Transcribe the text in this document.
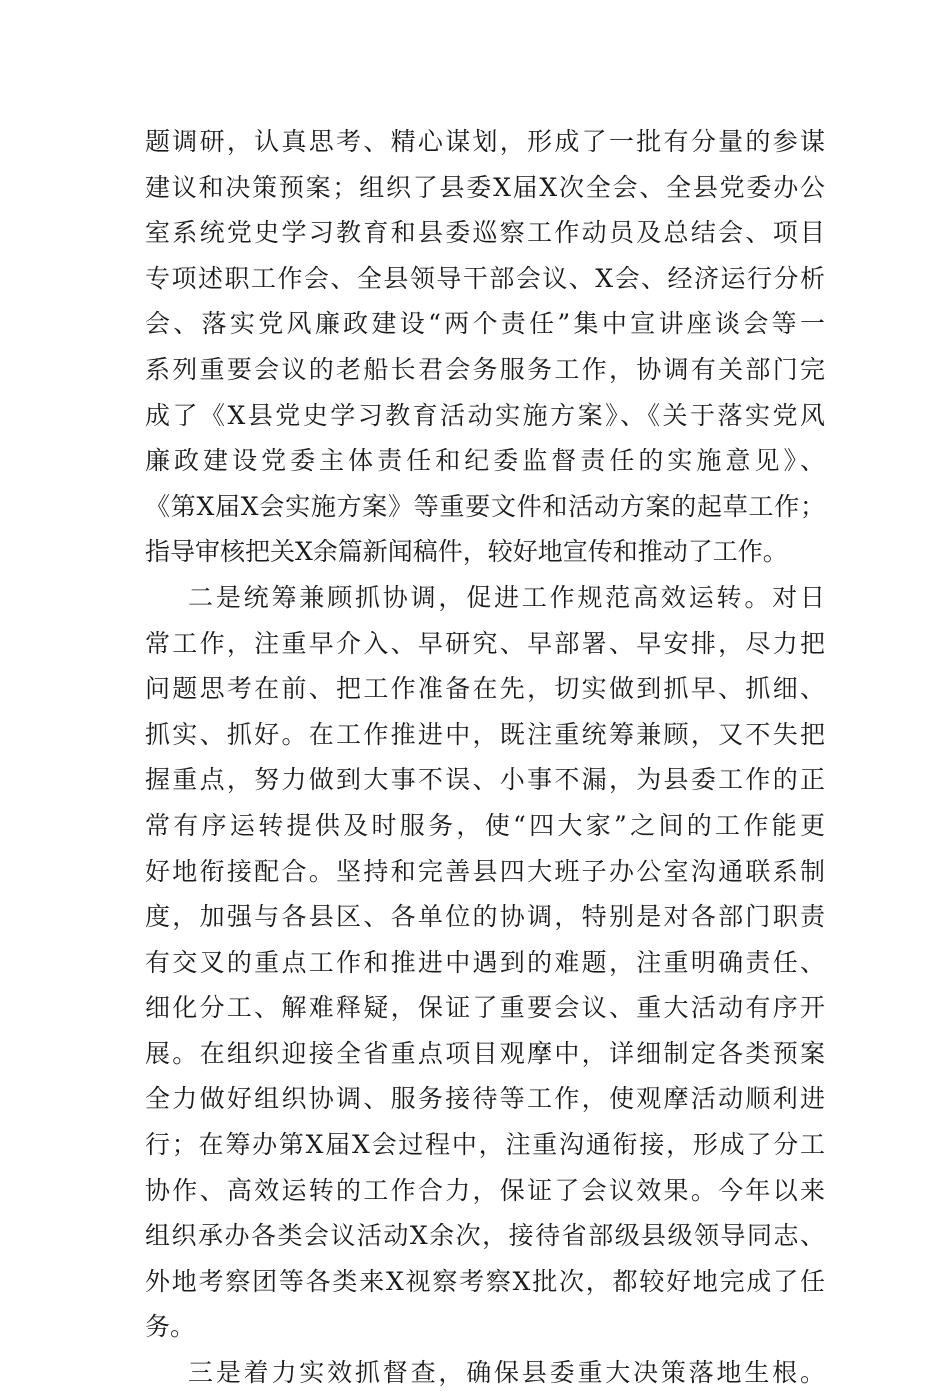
题调研，认真思考、精心谋划，形成了一批有分量的参谋
建议和决策预案；组织了县委X届X次全会、全县党委办公
室系统党史学习教育和县委巡察工作动员及总结会、项目
专项述职工作会、全县领导干部会议、X会、经济运行分析
会、落实党风廉政建设“两个责任”集中宣讲座谈会等一
系列重要会议的老船长君会务服务工作，协调有关部门完
成了《X县党史学习教育活动实施方案》、《关于落实党风
廉政建设党委主体责任和纪委监督责任的实施意见》、
《第X届X会实施方案》等重要文件和活动方案的起草工作；
指导审核把关X余篇新闻稿件，较好地宣传和推动了工作。
二是统筹兼顾抓协调，促进工作规范高效运转。对日
常工作，注重早介入、早研究、早部署、早安排，尽力把
问题思考在前、把工作准备在先，切实做到抓早、抓细、
抓实、抓好。在工作推进中，既注重统筹兼顾，又不失把
握重点，努力做到大事不误、小事不漏，为县委工作的正
常有序运转提供及时服务，使“四大家”之间的工作能更
好地衔接配合。坚持和完善县四大班子办公室沟通联系制
度，加强与各县区、各单位的协调，特别是对各部门职责
有交叉的重点工作和推进中遇到的难题，注重明确责任、
细化分工、解难释疑，保证了重要会议、重大活动有序开
展。在组织迎接全省重点项目观摩中，详细制定各类预案
全力做好组织协调、服务接待等工作，使观摩活动顺利进
行；在筹办第X届X会过程中，注重沟通衔接，形成了分工
协作、高效运转的工作合力，保证了会议效果。今年以来
组织承办各类会议活动X余次，接待省部级县级领导同志、
外地考察团等各类来X视察考察X批次，都较好地完成了任
务。
三是着力实效抓督查，确保县委重大决策落地生根。
